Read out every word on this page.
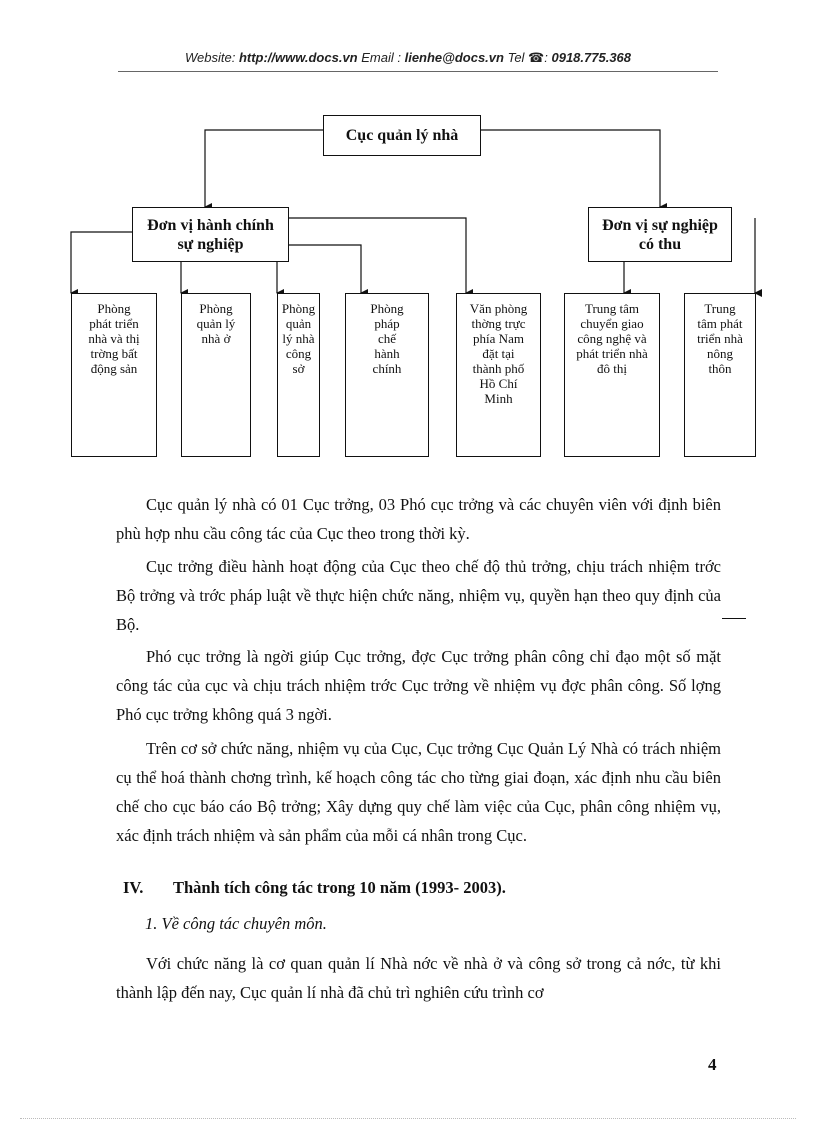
Website: http://www.docs.vn Email : lienhe@docs.vn Tel ☎: 0918.775.368
Cục quản lý nhà
Đơn vị hành chính sự nghiệp
Đơn vị sự nghiệp có thu
Phòng phát triển nhà và thị trờng bất động sản
Phòng quản lý nhà ở
Phòng quản lý nhà công sở
Phòng pháp chế hành chính
Văn phòng thờng trực phía Nam đặt tại thành phố Hồ Chí Minh
Trung tâm chuyển giao công nghệ và phát triển nhà đô thị
Trung tâm phát triển nhà nông thôn
Cục quản lý nhà có 01 Cục trởng, 03 Phó cục trởng và các chuyên viên với định biên phù hợp nhu cầu công tác của Cục theo trong thời kỳ.
Cục trởng điều hành hoạt động của Cục theo chế độ thủ trởng, chịu trách nhiệm trớc Bộ trởng và trớc pháp luật về thực hiện chức năng, nhiệm vụ, quyền hạn theo quy định của Bộ.
Phó cục trởng là ngời giúp Cục trởng, đợc Cục trởng phân công chỉ đạo một số mặt công tác của cục và chịu trách nhiệm trớc Cục trởng về nhiệm vụ đợc phân công. Số lợng Phó cục trởng không quá 3 ngời.
Trên cơ sở chức năng, nhiệm vụ của Cục, Cục trởng Cục Quản Lý Nhà có trách nhiệm cụ thể hoá thành chơng trình, kế hoạch công tác cho từng giai đoạn, xác định nhu cầu biên chế cho cục báo cáo Bộ trởng; Xây dựng quy chế làm việc của Cục, phân công nhiệm vụ, xác định trách nhiệm và sản phẩm của mỗi cá nhân trong Cục.
IV. Thành tích công tác trong 10 năm (1993- 2003).
1. Về công tác chuyên môn.
Với chức năng là cơ quan quản lí Nhà nớc về nhà ở và công sở trong cả nớc, từ khi thành lập đến nay, Cục quản lí nhà đã chủ trì nghiên cứu trình cơ
4
